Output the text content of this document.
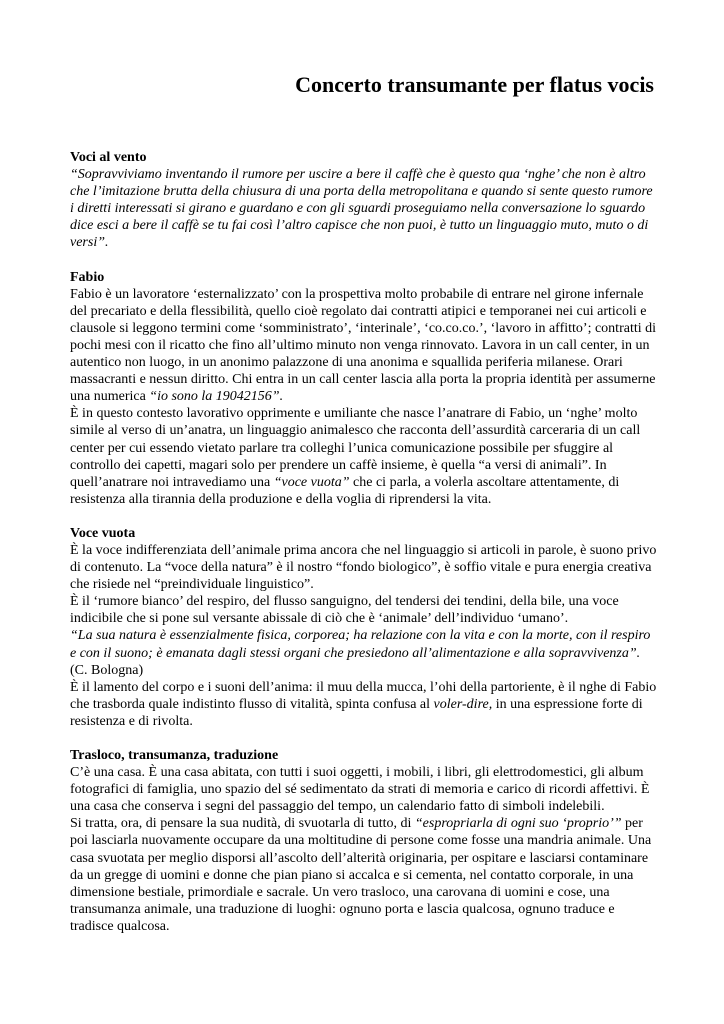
Concerto transumante per flatus vocis
Voci al vento

“Sopravviviamo inventando il rumore per uscire a bere il caffè che è questo qua ‘nghe’ che non è altro che l’imitazione brutta della chiusura di una porta della metropolitana e quando si sente questo rumore i diretti interessati si girano e guardano e con gli sguardi proseguiamo nella conversazione lo sguardo dice esci a bere il caffè se tu fai così l’altro capisce che non puoi, è tutto un linguaggio muto, muto o di versi”.

Fabio

Fabio è un lavoratore ‘esternalizzato’ con la prospettiva molto probabile di entrare nel girone infernale del precariato e della flessibilità, quello cioè regolato dai contratti atipici e temporanei nei cui articoli e clausole si leggono termini come ‘somministrato’, ‘interinale’, ‘co.co.co.’, ‘lavoro in affitto’; contratti di pochi mesi con il ricatto che fino all’ultimo minuto non venga rinnovato. Lavora in un call center, in un autentico non luogo, in un anonimo palazzone di una anonima e squallida periferia milanese. Orari massacranti e nessun diritto. Chi entra in un call center lascia alla porta la propria identità per assumerne una numerica “io sono la 19042156”.

È in questo contesto lavorativo opprimente e umiliante che nasce l’anatrare di Fabio, un ‘nghe’ molto simile al verso di un’anatra, un linguaggio animalesco che racconta dell’assurdità carceraria di un call center per cui essendo vietato parlare tra colleghi l’unica comunicazione possibile per sfuggire al controllo dei capetti, magari solo per prendere un caffè insieme, è quella “a versi di animali”. In quell’anatrare noi intravediamo una “voce vuota” che ci parla, a volerla ascoltare attentamente, di resistenza alla tirannia della produzione e della voglia di riprendersi la vita.

Voce vuota

È la voce indifferenziata dell’animale prima ancora che nel linguaggio si articoli in parole, è suono privo di contenuto. La “voce della natura” è il nostro “fondo biologico”, è soffio vitale e pura energia creativa che risiede nel “preindividuale linguistico”.

È il ‘rumore bianco’ del respiro, del flusso sanguigno, del tendersi dei tendini, della bile, una voce indicibile che si pone sul versante abissale di ciò che è ‘animale’ dell’individuo ‘umano’.

“La sua natura è essenzialmente fisica, corporea; ha relazione con la vita e con la morte, con il respiro e con il suono; è emanata dagli stessi organi che presiedono all’alimentazione e alla sopravvivenza”. (C. Bologna)

È il lamento del corpo e i suoni dell’anima: il muu della mucca, l’ohi della partoriente, è il nghe di Fabio che trasborda quale indistinto flusso di vitalità, spinta confusa al voler-dire, in una espressione forte di resistenza e di rivolta.

Trasloco, transumanza, traduzione

C’è una casa. È una casa abitata, con tutti i suoi oggetti, i mobili, i libri, gli elettrodomestici, gli album fotografici di famiglia, uno spazio del sé sedimentato da strati di memoria e carico di ricordi affettivi. È una casa che conserva i segni del passaggio del tempo, un calendario fatto di simboli indelebili.

Si tratta, ora, di pensare la sua nudità, di svuotarla di tutto, di “espropriarla di ogni suo ‘proprio’” per poi lasciarla nuovamente occupare da una moltitudine di persone come fosse una mandria animale. Una casa svuotata per meglio disporsi all’ascolto dell’alterità originaria, per ospitare e lasciarsi contaminare da un gregge di uomini e donne che pian piano si accalca e si cementa, nel contatto corporale, in una dimensione bestiale, primordiale e sacrale. Un vero trasloco, una carovana di uomini e cose, una transumanza animale, una traduzione di luoghi: ognuno porta e lascia qualcosa, ognuno traduce e tradisce qualcosa.
